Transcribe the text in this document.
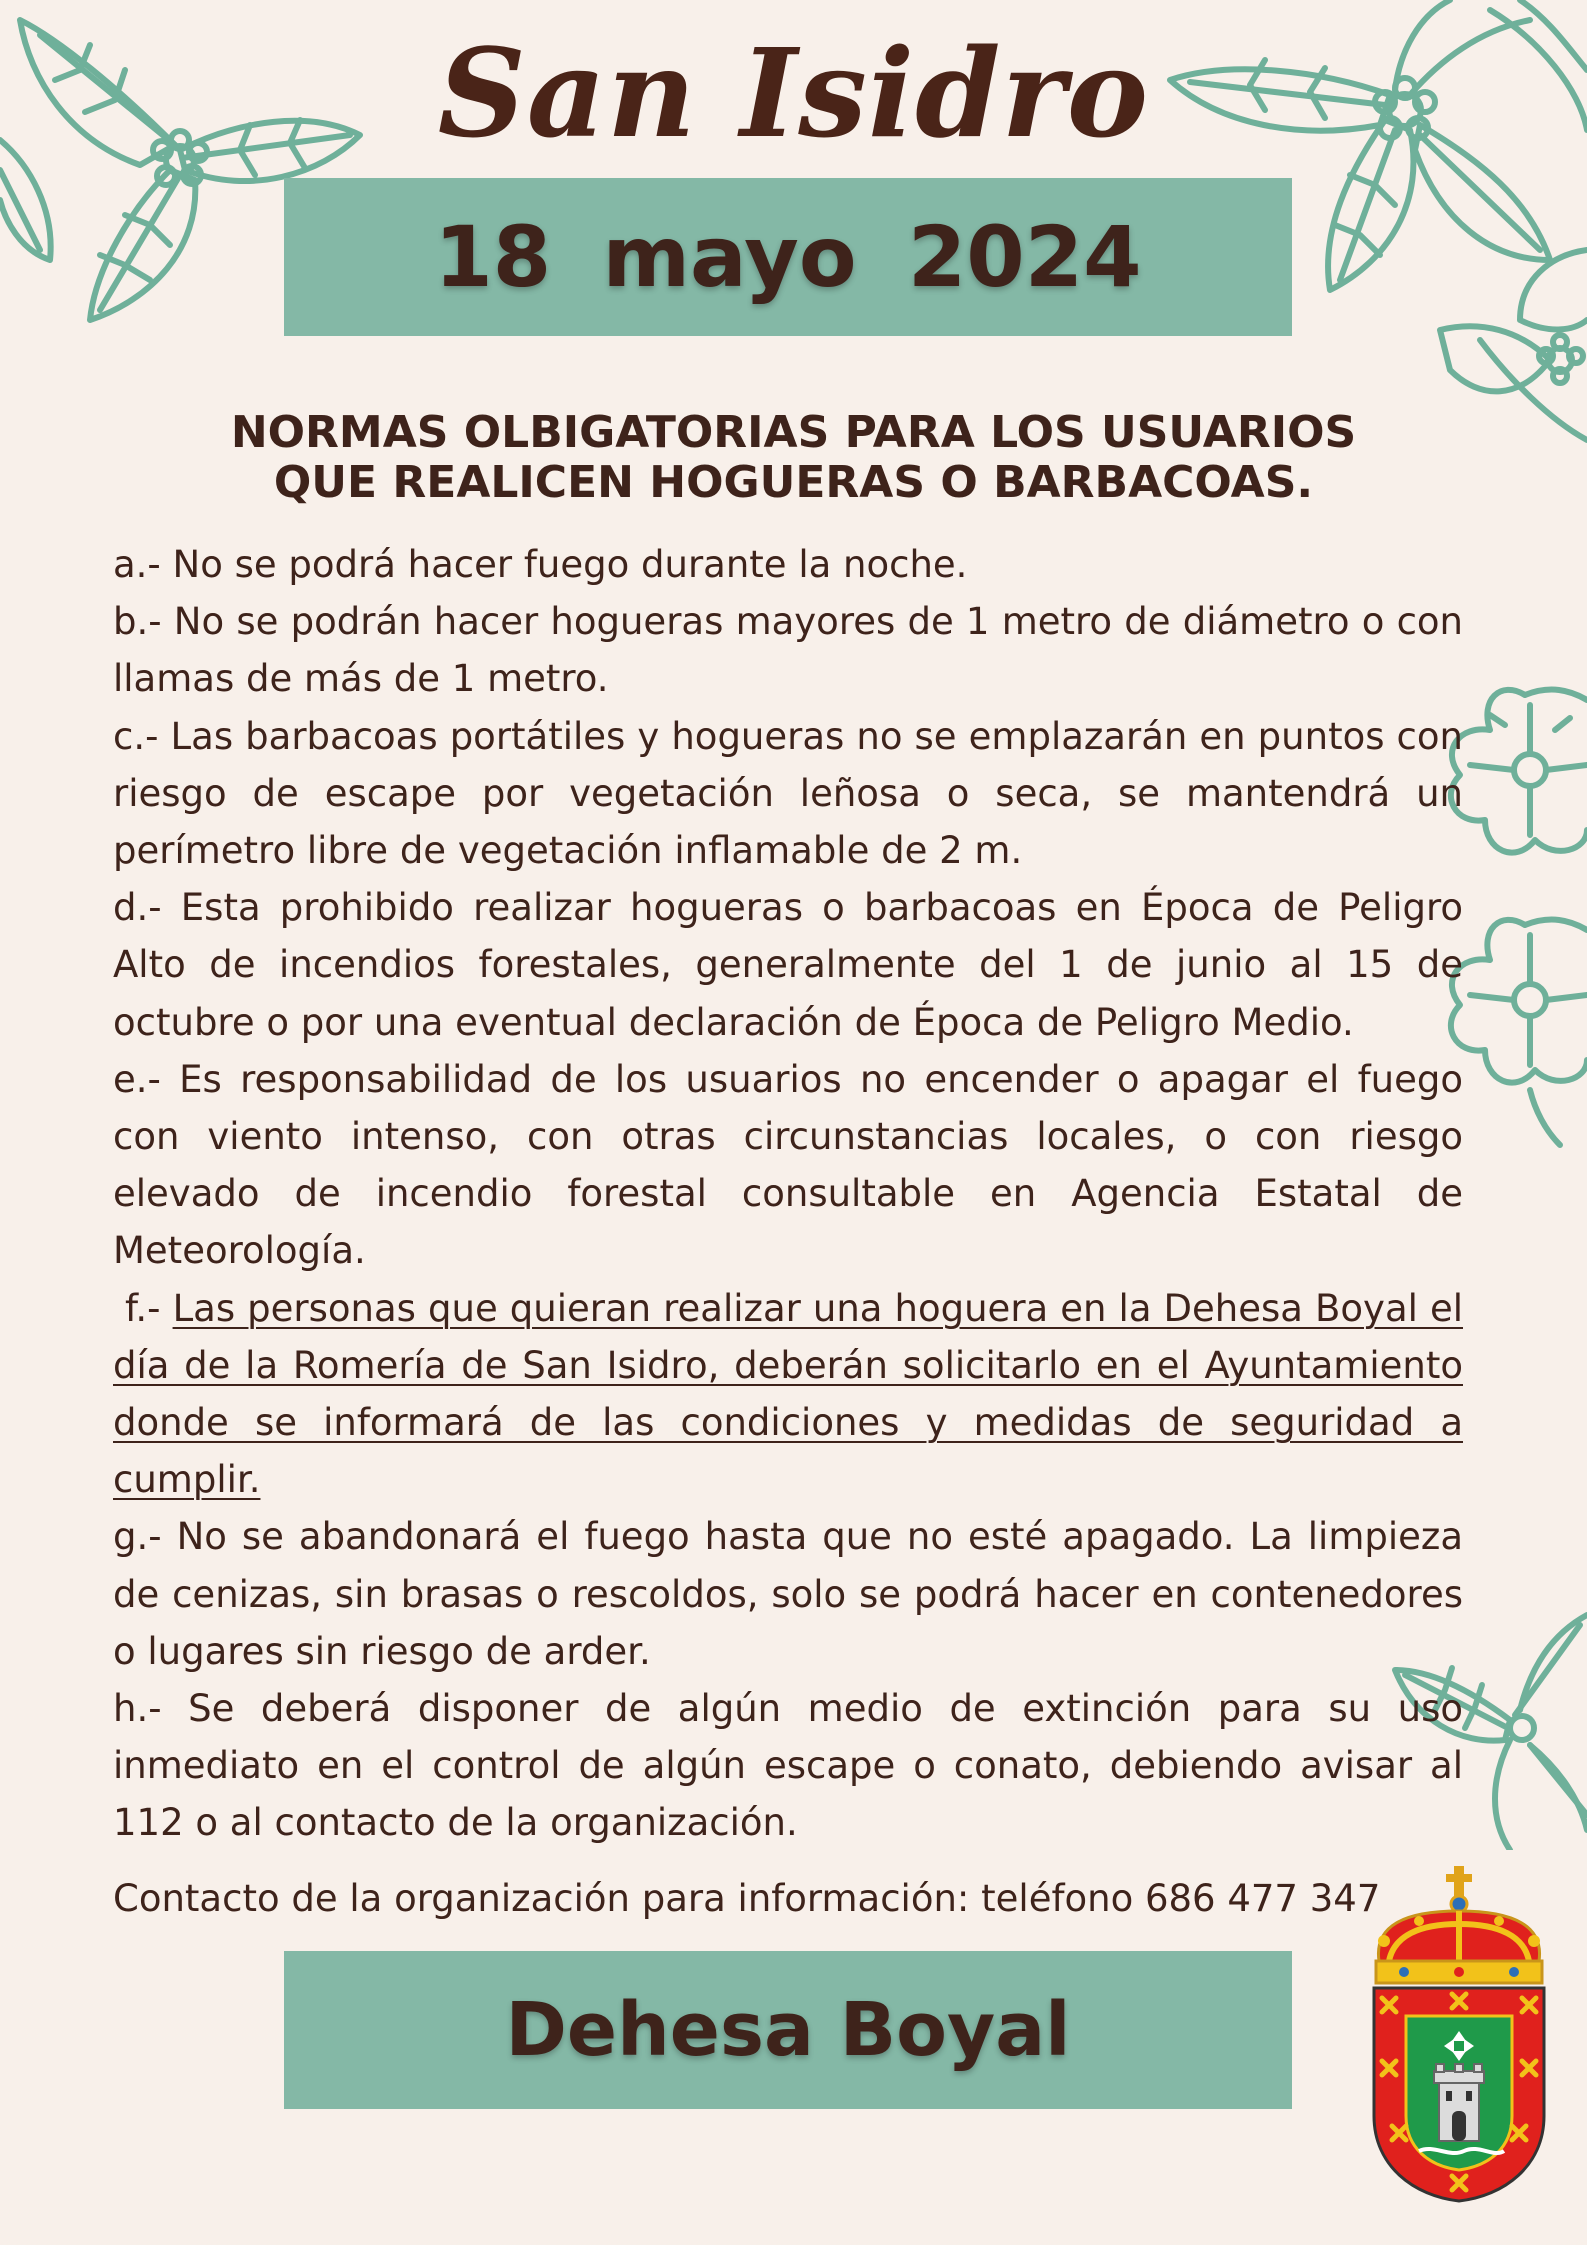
San Isidro
18 mayo 2024
NORMAS OLBIGATORIAS PARA LOS USUARIOS
QUE REALICEN HOGUERAS O BARBACOAS.

a.- No se podrá hacer fuego durante la noche.

b.- No se podrán hacer hogueras mayores de 1 metro de diámetro o con llamas de más de 1 metro.

c.- Las barbacoas portátiles y hogueras no se emplazarán en puntos con riesgo de escape por vegetación leñosa o seca, se mantendrá un perímetro libre de vegetación inflamable de 2 m.

d.- Esta prohibido realizar hogueras o barbacoas en Época de Peligro Alto de incendios forestales, generalmente del 1 de junio al 15 de octubre o por una eventual declaración de Época de Peligro Medio.

e.- Es responsabilidad de los usuarios no encender o apagar el fuego con viento intenso, con otras circunstancias locales, o con riesgo elevado de incendio forestal consultable en Agencia Estatal de Meteorología.

f.- Las personas que quieran realizar una hoguera en la Dehesa Boyal el día de la Romería de San Isidro, deberán solicitarlo en el Ayuntamiento donde se informará de las condiciones y medidas de seguridad a cumplir.

g.- No se abandonará el fuego hasta que no esté apagado. La limpieza de cenizas, sin brasas o rescoldos, solo se podrá hacer en contenedores o lugares sin riesgo de arder.

h.- Se deberá disponer de algún medio de extinción para su uso inmediato en el control de algún escape o conato, debiendo avisar al 112 o al contacto de la organización.

Contacto de la organización para información: teléfono 686 477 347
Dehesa Boyal
